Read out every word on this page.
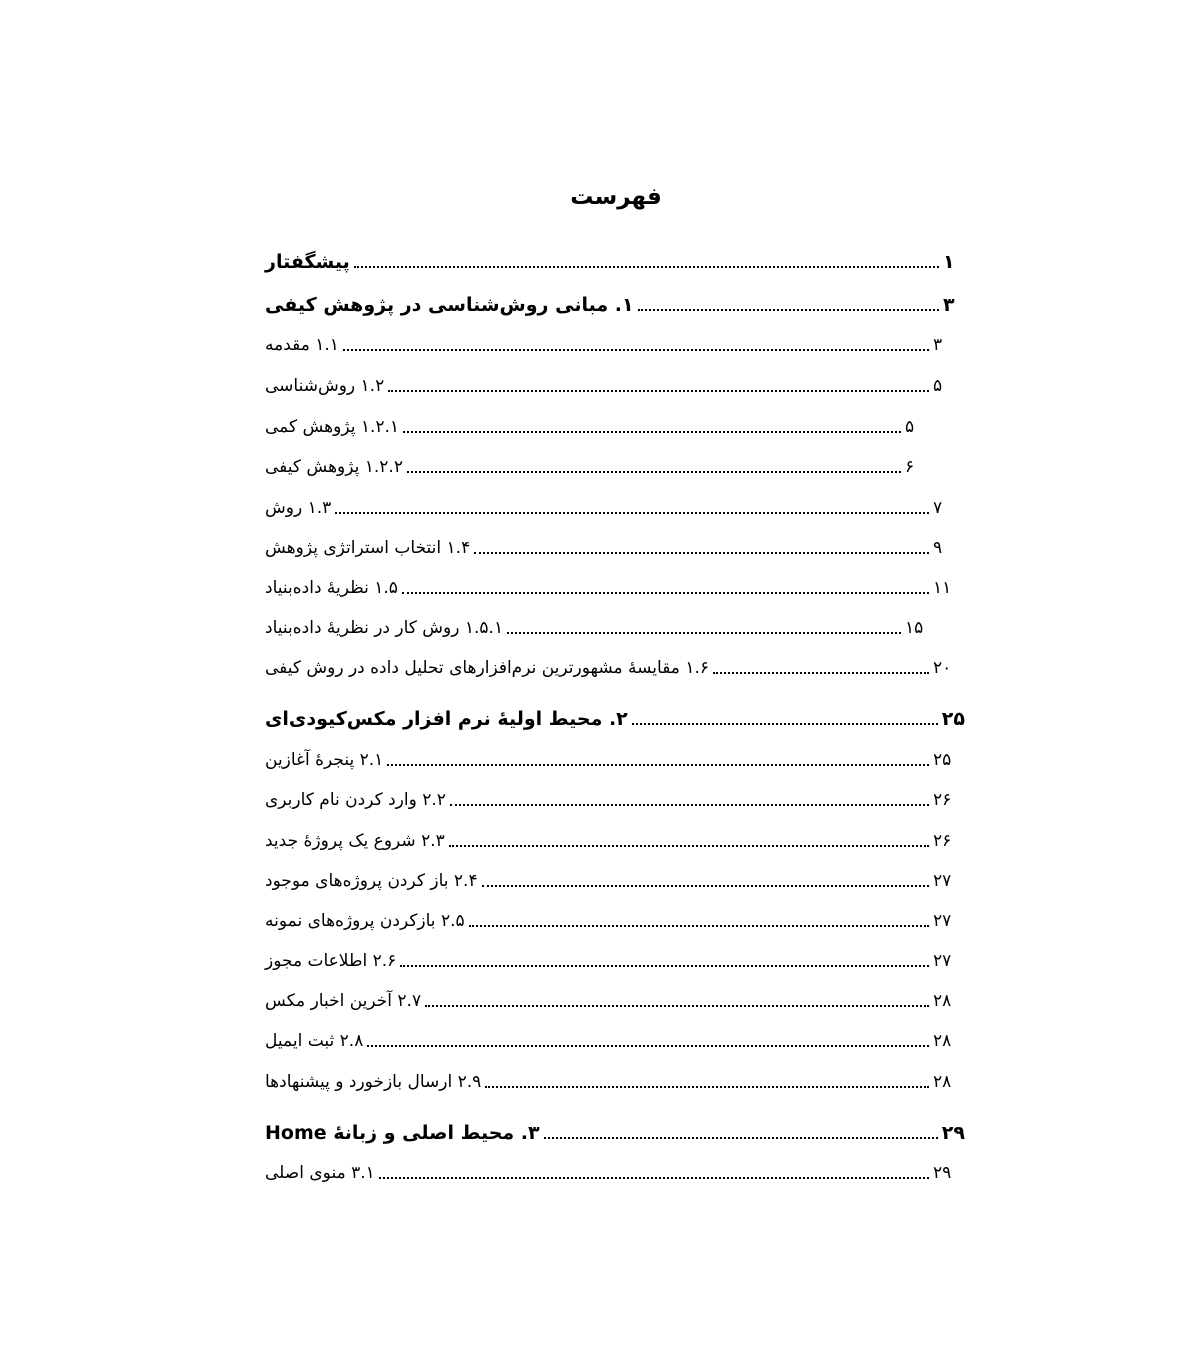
فهرست
پیشگفتار	۱
۱. مبانی روش‌شناسی در پژوهش کیفی	۳
۱.۱ مقدمه	۳
۱.۲ روش‌شناسی	۵
۱.۲.۱ پژوهش کمی	۵
۱.۲.۲ پژوهش کیفی	۶
۱.۳ روش	۷
۱.۴ انتخاب استراتژی پژوهش	۹
۱.۵ نظریهٔ داده‌بنیاد	۱۱
۱.۵.۱ روش کار در نظریهٔ داده‌بنیاد	۱۵
۱.۶ مقایسهٔ مشهورترین نرم‌افزارهای تحلیل داده در روش کیفی	۲۰
۲. محیط اولیهٔ نرم افزار مکس‌کیودی‌ای	۲۵
۲.۱ پنجرهٔ آغازین	۲۵
۲.۲ وارد کردن نام کاربری	۲۶
۲.۳ شروع یک پروژهٔ جدید	۲۶
۲.۴ باز کردن پروژه‌های موجود	۲۷
۲.۵ بازکردن پروژه‌های نمونه	۲۷
۲.۶ اطلاعات مجوز	۲۷
۲.۷ آخرین اخبار مکس	۲۸
۲.۸ ثبت ایمیل	۲۸
۲.۹ ارسال بازخورد و پیشنهادها	۲۸
۳. محیط اصلی و زبانهٔ Home	۲۹
۳.۱ منوی اصلی	۲۹
